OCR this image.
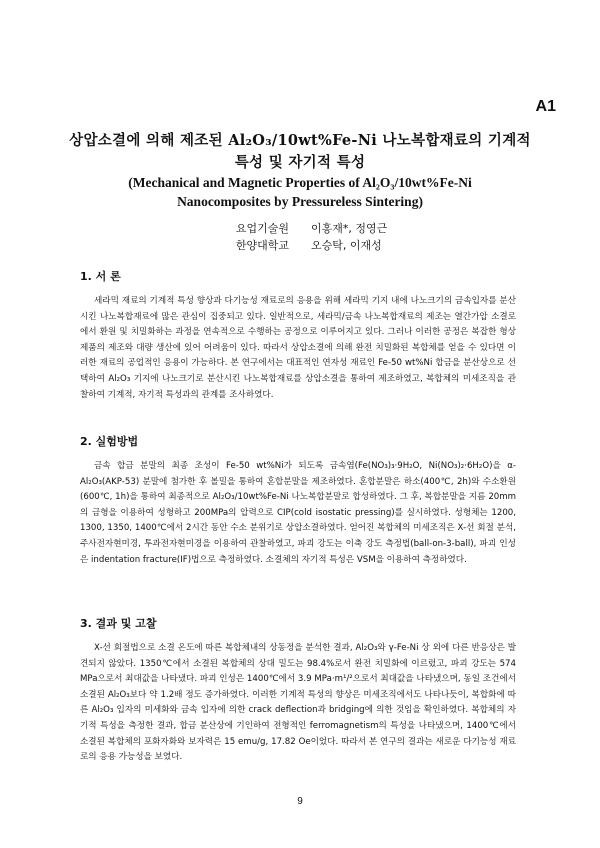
A1
상압소결에 의해 제조된 Al₂O₃/10wt%Fe-Ni 나노복합재료의 기계적
특성 및 자기적 특성
(Mechanical and Magnetic Properties of Al₂O₃/10wt%Fe-Ni
Nanocomposites by Pressureless Sintering)
요업기술원 이홍재*, 정영근
한양대학교 오승탁, 이재성
1. 서 론

세라믹 재료의 기계적 특성 향상과 다기능성 재료로의 응용을 위해 세라믹 기지 내에 나노크기의 금속입자를 분산시킨 나노복합재료에 많은 관심이 집중되고 있다. 일반적으로, 세라믹/금속 나노복합재료의 제조는 열간가압 소결로에서 환원 및 치밀화하는 과정을 연속적으로 수행하는 공정으로 이루어지고 있다. 그러나 이러한 공정은 복잡한 형상 제품의 제조와 대량 생산에 있어 어려움이 있다. 따라서 상압소결에 의해 완전 치밀화된 복합체를 얻을 수 있다면 이러한 재료의 공업적인 응용이 가능하다. 본 연구에서는 대표적인 연자성 재료인 Fe-50 wt%Ni 합금을 분산상으로 선택하여 Al₂O₃ 기지에 나노크기로 분산시킨 나노복합재료를 상압소결을 통하여 제조하였고, 복합체의 미세조직을 관찰하여 기계적, 자기적 특성과의 관계를 조사하였다.

2. 실험방법

금속 합금 분말의 최종 조성이 Fe-50 wt%Ni가 되도록 금속염(Fe(NO₃)₃·9H₂O, Ni(NO₃)₂·6H₂O)을 α-Al₂O₃(AKP-53) 분말에 첨가한 후 볼밀을 통하여 혼합분말을 제조하였다. 혼합분말은 하소(400℃, 2h)와 수소환원(600℃, 1h)을 통하여 최종적으로 Al₂O₃/10wt%Fe-Ni 나노복합분말로 합성하였다. 그 후, 복합분말을 지름 20mm의 금형을 이용하여 성형하고 200MPa의 압력으로 CIP(cold isostatic pressing)를 실시하였다. 성형체는 1200, 1300, 1350, 1400℃에서 2시간 동안 수소 분위기로 상압소결하였다. 얻어진 복합체의 미세조직은 X-선 회절 분석, 주사전자현미경, 투과전자현미경을 이용하여 관찰하였고, 파괴 강도는 이축 강도 측정법(ball-on-3-ball), 파괴 인성은 indentation fracture(IF)법으로 측정하였다. 소결체의 자기적 특성은 VSM을 이용하여 측정하였다.

3. 결과 및 고찰

X-선 회절법으로 소결 온도에 따른 복합체내의 상동정을 분석한 결과, Al₂O₃와 γ-Fe-Ni 상 외에 다른 반응상은 발견되지 않았다. 1350℃에서 소결된 복합체의 상대 밀도는 98.4%로서 완전 치밀화에 이르렀고, 파괴 강도는 574 MPa으로서 최대값을 나타냈다. 파괴 인성은 1400℃에서 3.9 MPa·m¹/²으로서 최대값을 나타냈으며, 동일 조건에서 소결된 Al₂O₃보다 약 1.2배 정도 증가하였다. 이러한 기계적 특성의 향상은 미세조직에서도 나타나듯이, 복합화에 따른 Al₂O₃ 입자의 미세화와 금속 입자에 의한 crack deflection과 bridging에 의한 것임을 확인하였다. 복합체의 자기적 특성을 측정한 결과, 합금 분산상에 기인하여 전형적인 ferromagnetism의 특성을 나타냈으며, 1400℃에서 소결된 복합체의 포화자화와 보자력은 15 emu/g, 17.82 Oe이었다. 따라서 본 연구의 결과는 새로운 다기능성 재료로의 응용 가능성을 보였다.

9
